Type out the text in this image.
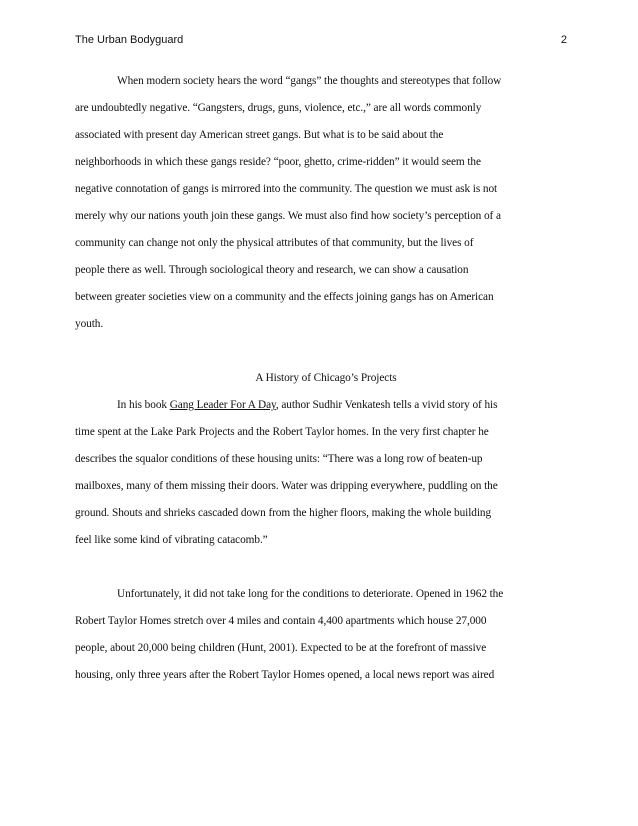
The Urban Bodyguard	2
When modern society hears the word “gangs” the thoughts and stereotypes that follow
are undoubtedly negative. “Gangsters, drugs, guns, violence, etc.,” are all words commonly
associated with present day American street gangs. But what is to be said about the
neighborhoods in which these gangs reside? “poor, ghetto, crime-ridden” it would seem the
negative connotation of gangs is mirrored into the community. The question we must ask is not
merely why our nations youth join these gangs. We must also find how society’s perception of a
community can change not only the physical attributes of that community, but the lives of
people there as well. Through sociological theory and research, we can show a causation
between greater societies view on a community and the effects joining gangs has on American
youth.
A History of Chicago’s Projects
In his book Gang Leader For A Day, author Sudhir Venkatesh tells a vivid story of his
time spent at the Lake Park Projects and the Robert Taylor homes. In the very first chapter he
describes the squalor conditions of these housing units: “There was a long row of beaten-up
mailboxes, many of them missing their doors. Water was dripping everywhere, puddling on the
ground. Shouts and shrieks cascaded down from the higher floors, making the whole building
feel like some kind of vibrating catacomb.”
Unfortunately, it did not take long for the conditions to deteriorate. Opened in 1962 the
Robert Taylor Homes stretch over 4 miles and contain 4,400 apartments which house 27,000
people, about 20,000 being children (Hunt, 2001). Expected to be at the forefront of massive
housing, only three years after the Robert Taylor Homes opened, a local news report was aired
